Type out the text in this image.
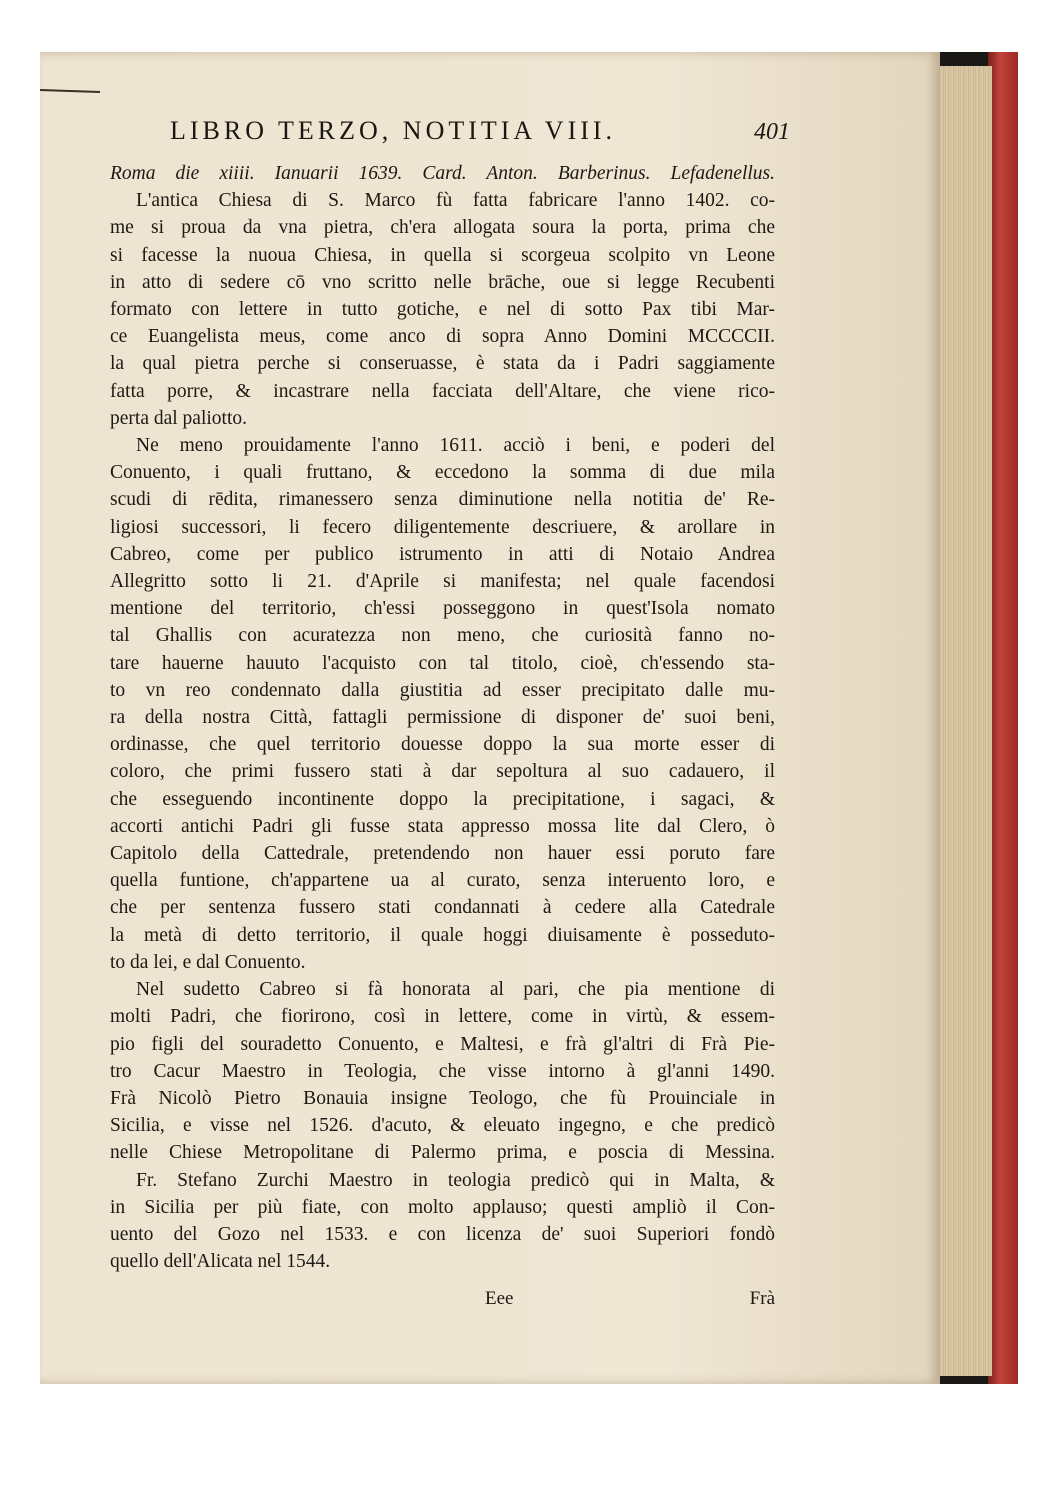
LIBRO TERZO, NOTITIA VIII.	401
Roma die xiiii. Ianuarii 1639. Card. Anton. Barberinus. Lefadenellus.
L'antica Chiesa di S. Marco fù fatta fabricare l'anno 1402. co-
me si proua da vna pietra, ch'era allogata soura la porta, prima che
si facesse la nuoua Chiesa, in quella si scorgeua scolpito vn Leone
in atto di sedere cō vno scritto nelle brāche, oue si legge Recubenti
formato con lettere in tutto gotiche, e nel di sotto Pax tibi Mar-
ce Euangelista meus, come anco di sopra Anno Domini MCCCCII.
la qual pietra perche si conseruasse, è stata da i Padri saggiamente
fatta porre, & incastrare nella facciata dell'Altare, che viene rico-
perta dal paliotto.
Ne meno prouidamente l'anno 1611. acciò i beni, e poderi del
Conuento, i quali fruttano, & eccedono la somma di due mila
scudi di rēdita, rimanessero senza diminutione nella notitia de' Re-
ligiosi successori, li fecero diligentemente descriuere, & arollare in
Cabreo, come per publico istrumento in atti di Notaio Andrea
Allegritto sotto li 21. d'Aprile si manifesta; nel quale facendosi
mentione del territorio, ch'essi posseggono in quest'Isola nomato
tal Ghallis con acuratezza non meno, che curiosità fanno no-
tare hauerne hauuto l'acquisto con tal titolo, cioè, ch'essendo sta-
to vn reo condennato dalla giustitia ad esser precipitato dalle mu-
ra della nostra Città, fattagli permissione di disponer de' suoi beni,
ordinasse, che quel territorio douesse doppo la sua morte esser di
coloro, che primi fussero stati à dar sepoltura al suo cadauero, il
che esseguendo incontinente doppo la precipitatione, i sagaci, &
accorti antichi Padri gli fusse stata appresso mossa lite dal Clero, ò
Capitolo della Cattedrale, pretendendo non hauer essi poruto fare
quella funtione, ch'appartene ua al curato, senza interuento loro, e
che per sentenza fussero stati condannati à cedere alla Catedrale
la metà di detto territorio, il quale hoggi diuisamente è posseduto-
to da lei, e dal Conuento.
Nel sudetto Cabreo si fà honorata al pari, che pia mentione di
molti Padri, che fiorirono, così in lettere, come in virtù, & essem-
pio figli del souradetto Conuento, e Maltesi, e frà gl'altri di Frà Pie-
tro Cacur Maestro in Teologia, che visse intorno à gl'anni 1490.
Frà Nicolò Pietro Bonauia insigne Teologo, che fù Prouinciale in
Sicilia, e visse nel 1526. d'acuto, & eleuato ingegno, e che predicò
nelle Chiese Metropolitane di Palermo prima, e poscia di Messina.
Fr. Stefano Zurchi Maestro in teologia predicò qui in Malta, &
in Sicilia per più fiate, con molto applauso; questi ampliò il Con-
uento del Gozo nel 1533. e con licenza de' suoi Superiori fondò
quello dell'Alicata nel 1544.
Eee	Frà
